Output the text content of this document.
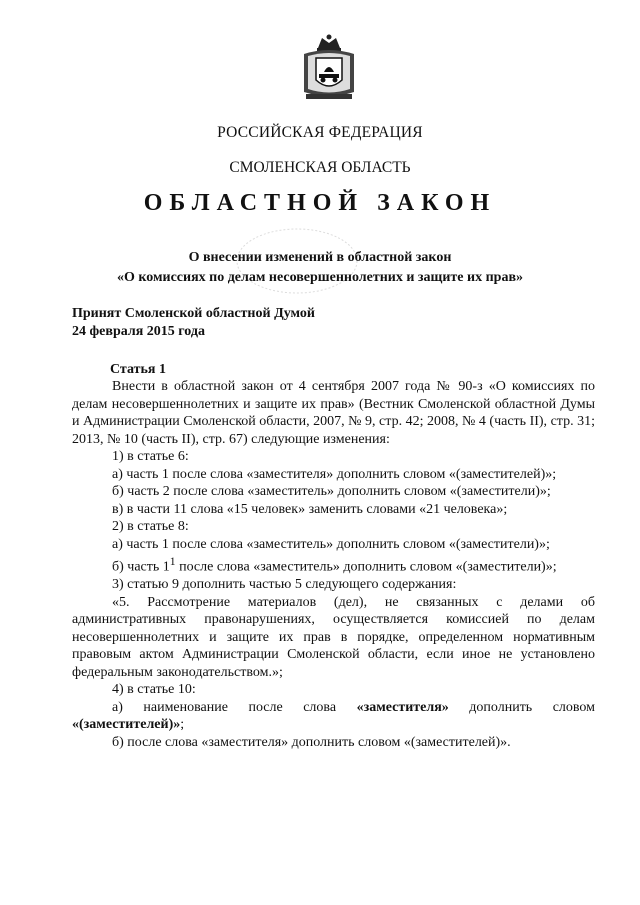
РОССИЙСКАЯ ФЕДЕРАЦИЯ
СМОЛЕНСКАЯ ОБЛАСТЬ
ОБЛАСТНОЙ ЗАКОН
О внесении изменений в областной закон
«О комиссиях по делам несовершеннолетних и защите их прав»
Принят Смоленской областной Думой
24 февраля 2015 года
Статья 1

Внести в областной закон от 4 сентября 2007 года № 90-з «О комиссиях по делам несовершеннолетних и защите их прав» (Вестник Смоленской областной Думы и Администрации Смоленской области, 2007, № 9, стр. 42; 2008, № 4 (часть II), стр. 31; 2013, № 10 (часть II), стр. 67) следующие изменения:

1) в статье 6:

а) часть 1 после слова «заместителя» дополнить словом «(заместителей)»;

б) часть 2 после слова «заместитель» дополнить словом «(заместители)»;

в) в части 11 слова «15 человек» заменить словами «21 человека»;

2) в статье 8:

а) часть 1 после слова «заместитель» дополнить словом «(заместители)»;

б) часть $1^1$ после слова «заместитель» дополнить словом «(заместители)»;

3) статью 9 дополнить частью 5 следующего содержания:

«5. Рассмотрение материалов (дел), не связанных с делами об административных правонарушениях, осуществляется комиссией по делам несовершеннолетних и защите их прав в порядке, определенном нормативным правовым актом Администрации Смоленской области, если иное не установлено федеральным законодательством.»;

4) в статье 10:

а) наименование после слова «заместителя» дополнить словом «(заместителей)»;

б) после слова «заместителя» дополнить словом «(заместителей)».
